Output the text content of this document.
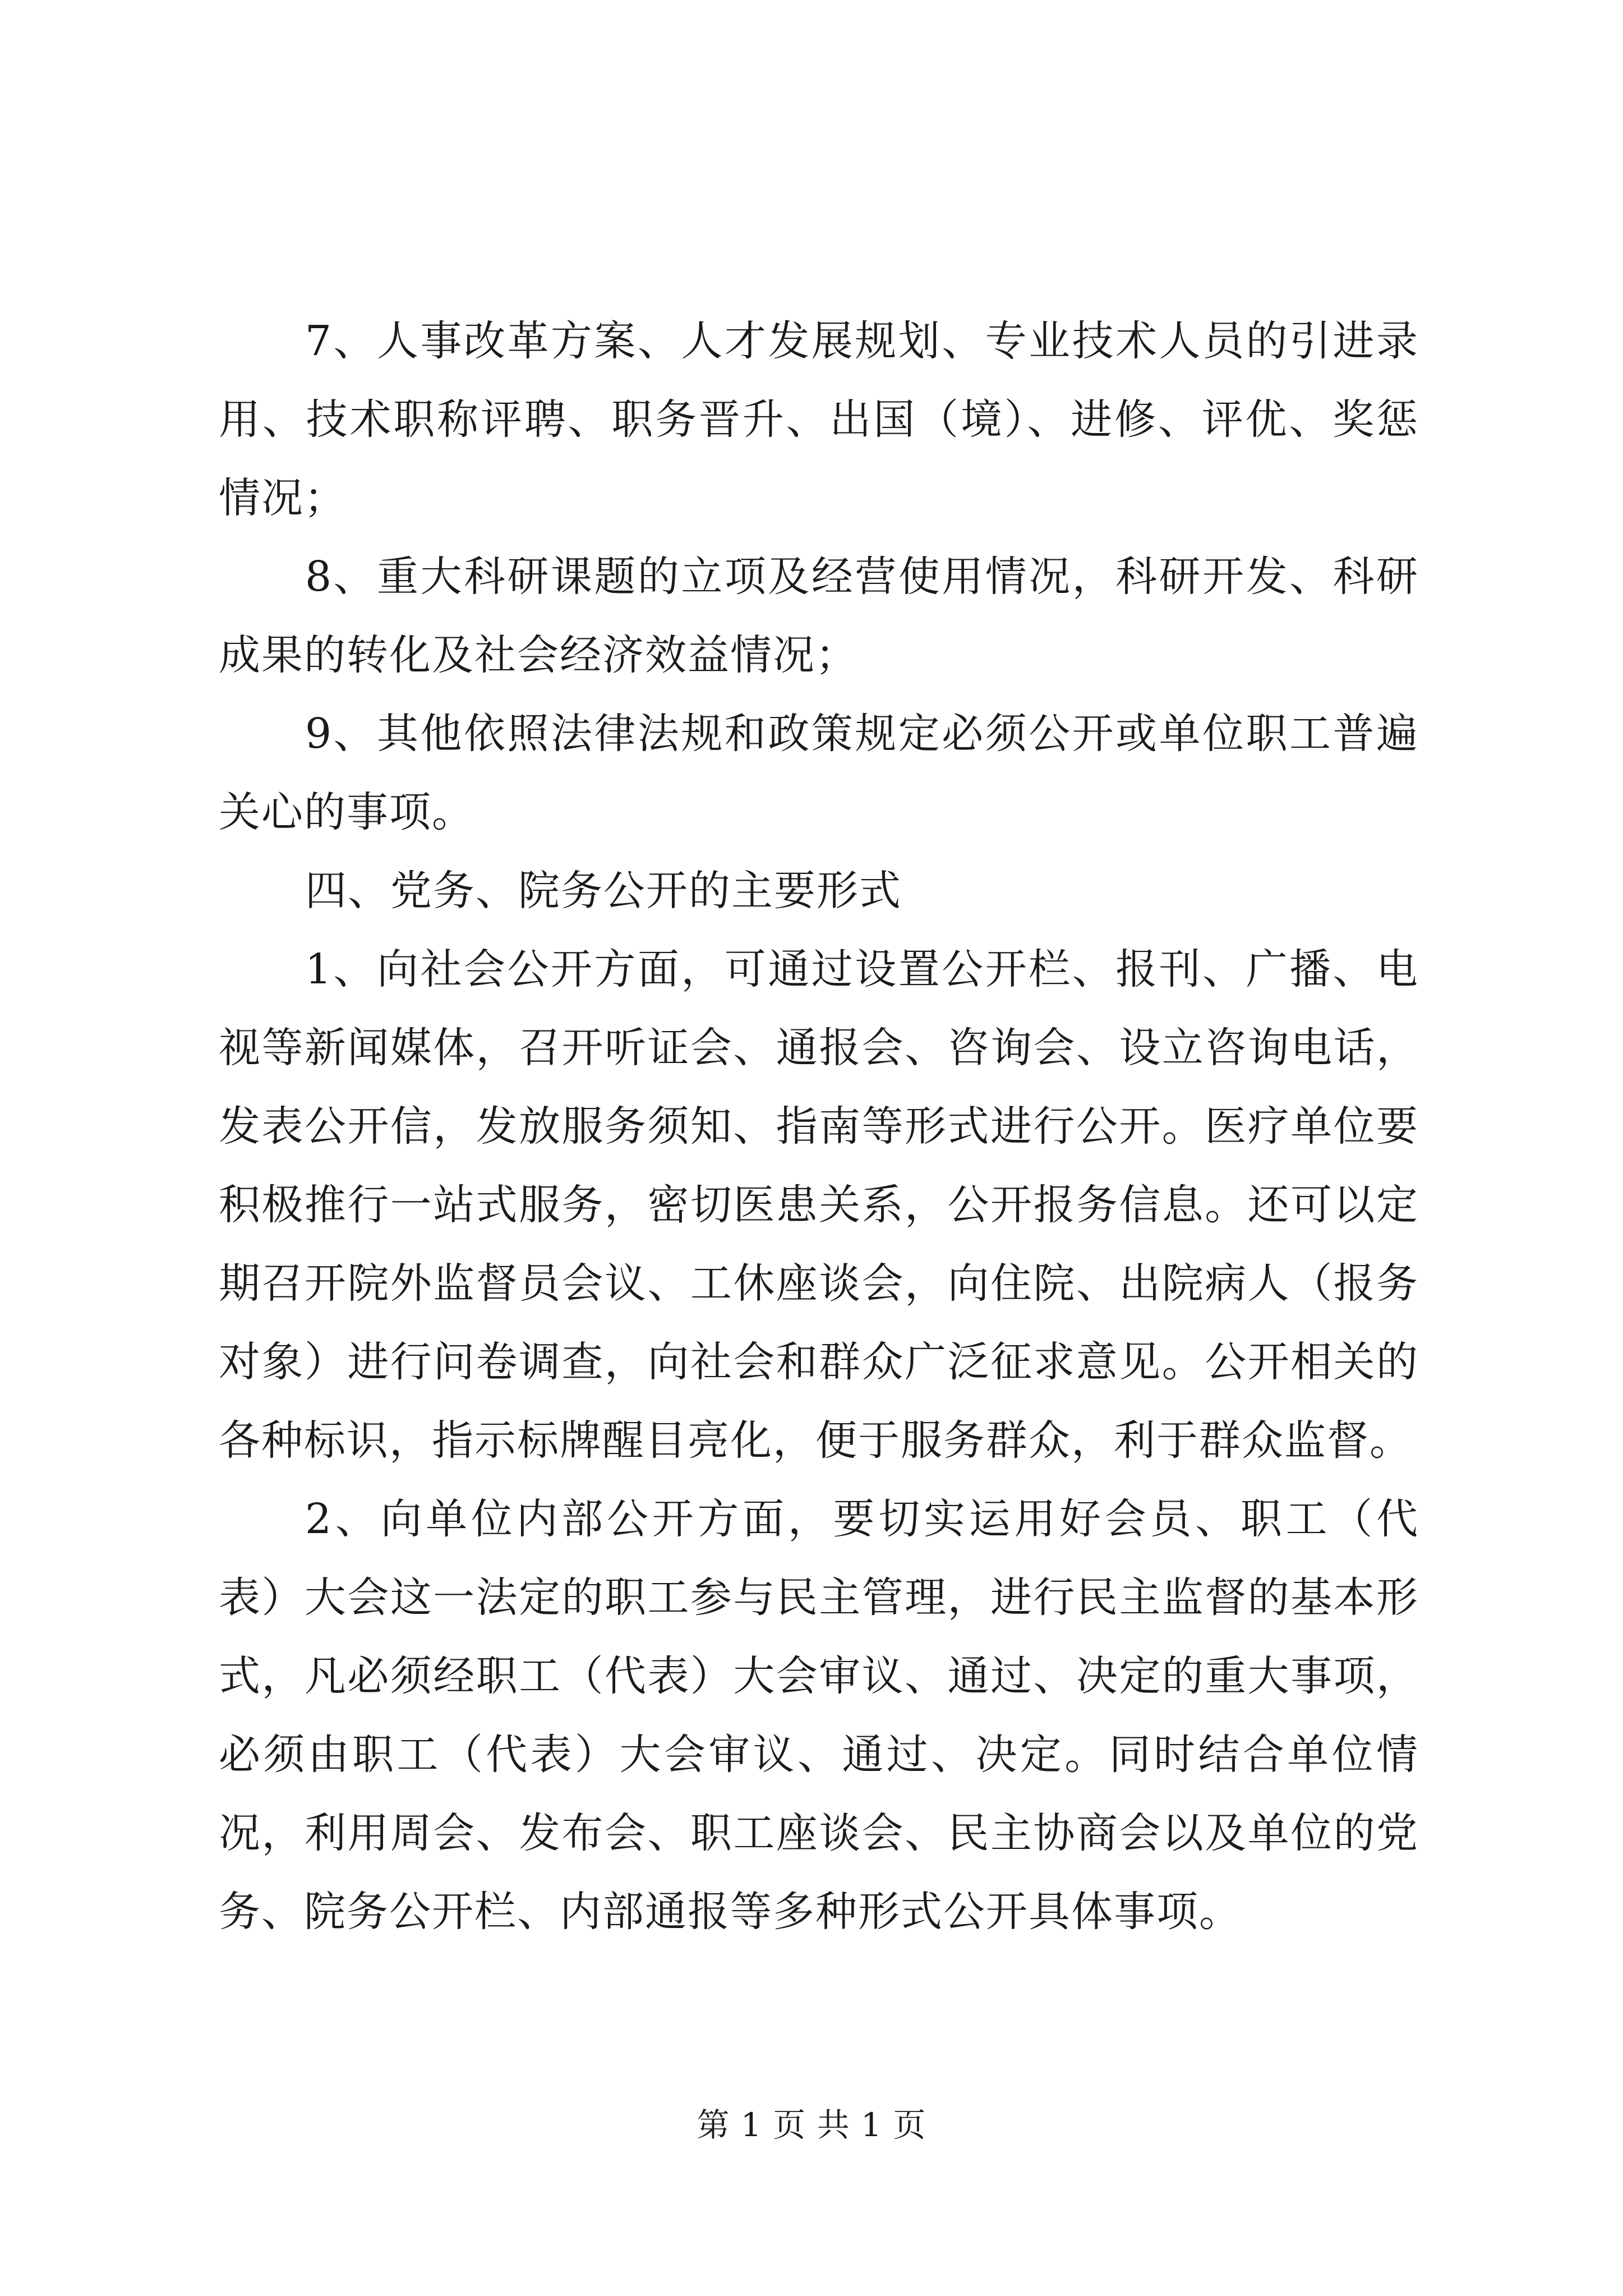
7、人事改革方案、人才发展规划、专业技术人员的引进录用、技术职称评聘、职务晋升、出国（境）、进修、评优、奖惩情况；

8、重大科研课题的立项及经营使用情况，科研开发、科研成果的转化及社会经济效益情况；

9、其他依照法律法规和政策规定必须公开或单位职工普遍关心的事项。

四、党务、院务公开的主要形式

1、向社会公开方面，可通过设置公开栏、报刊、广播、电视等新闻媒体，召开听证会、通报会、咨询会、设立咨询电话，发表公开信，发放服务须知、指南等形式进行公开。医疗单位要积极推行一站式服务，密切医患关系，公开报务信息。还可以定期召开院外监督员会议、工休座谈会，向住院、出院病人（报务对象）进行问卷调查，向社会和群众广泛征求意见。公开相关的各种标识，指示标牌醒目亮化，便于服务群众，利于群众监督。

2、向单位内部公开方面，要切实运用好会员、职工（代表）大会这一法定的职工参与民主管理，进行民主监督的基本形式，凡必须经职工（代表）大会审议、通过、决定的重大事项，必须由职工（代表）大会审议、通过、决定。同时结合单位情况，利用周会、发布会、职工座谈会、民主协商会以及单位的党务、院务公开栏、内部通报等多种形式公开具体事项。

第 1 页 共 1 页
